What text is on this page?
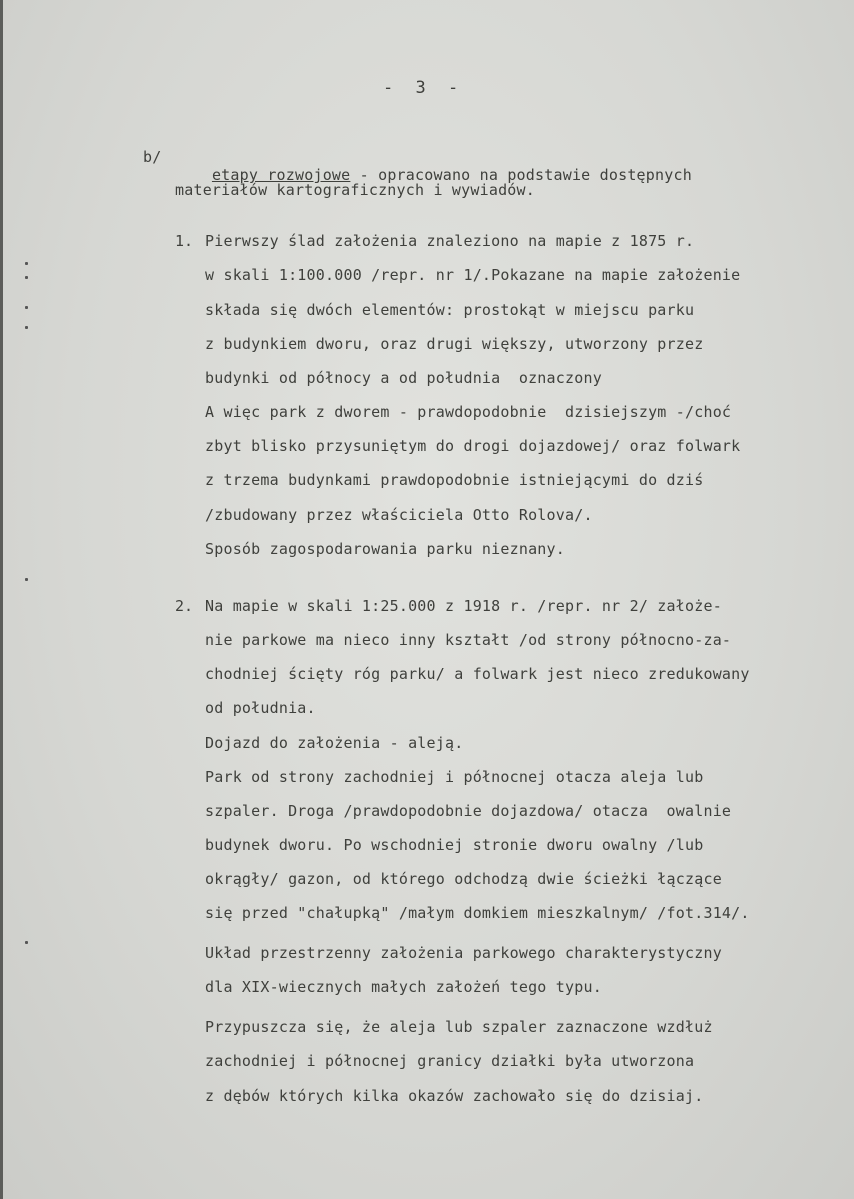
- 3 -
b/

etapy rozwojowe - opracowano na podstawie dostępnych

materiałów kartograficznych i wywiadów.
1. Pierwszy ślad założenia znaleziono na mapie z 1875 r.
w skali 1:100.000 /repr. nr 1/.Pokazane na mapie założenie
składa się dwóch elementów: prostokąt w miejscu parku
z budynkiem dworu, oraz drugi większy, utworzony przez
budynki od północy a od południa  oznaczony
A więc park z dworem - prawdopodobnie  dzisiejszym -/choć
zbyt blisko przysuniętym do drogi dojazdowej/ oraz folwark
z trzema budynkami prawdopodobnie istniejącymi do dziś
/zbudowany przez właściciela Otto Rolova/.
Sposób zagospodarowania parku nieznany.
2. Na mapie w skali 1:25.000 z 1918 r. /repr. nr 2/ założe-
nie parkowe ma nieco inny kształt /od strony północno-za-
chodniej ścięty róg parku/ a folwark jest nieco zredukowany
od południa.
Dojazd do założenia - aleją.
Park od strony zachodniej i północnej otacza aleja lub
szpaler. Droga /prawdopodobnie dojazdowa/ otacza  owalnie
budynek dworu. Po wschodniej stronie dworu owalny /lub
okrągły/ gazon, od którego odchodzą dwie ścieżki łączące
się przed "chałupką" /małym domkiem mieszkalnym/ /fot.314/.
Układ przestrzenny założenia parkowego charakterystyczny
dla XIX-wiecznych małych założeń tego typu.
Przypuszcza się, że aleja lub szpaler zaznaczone wzdłuż
zachodniej i północnej granicy działki była utworzona
z dębów których kilka okazów zachowało się do dzisiaj.
